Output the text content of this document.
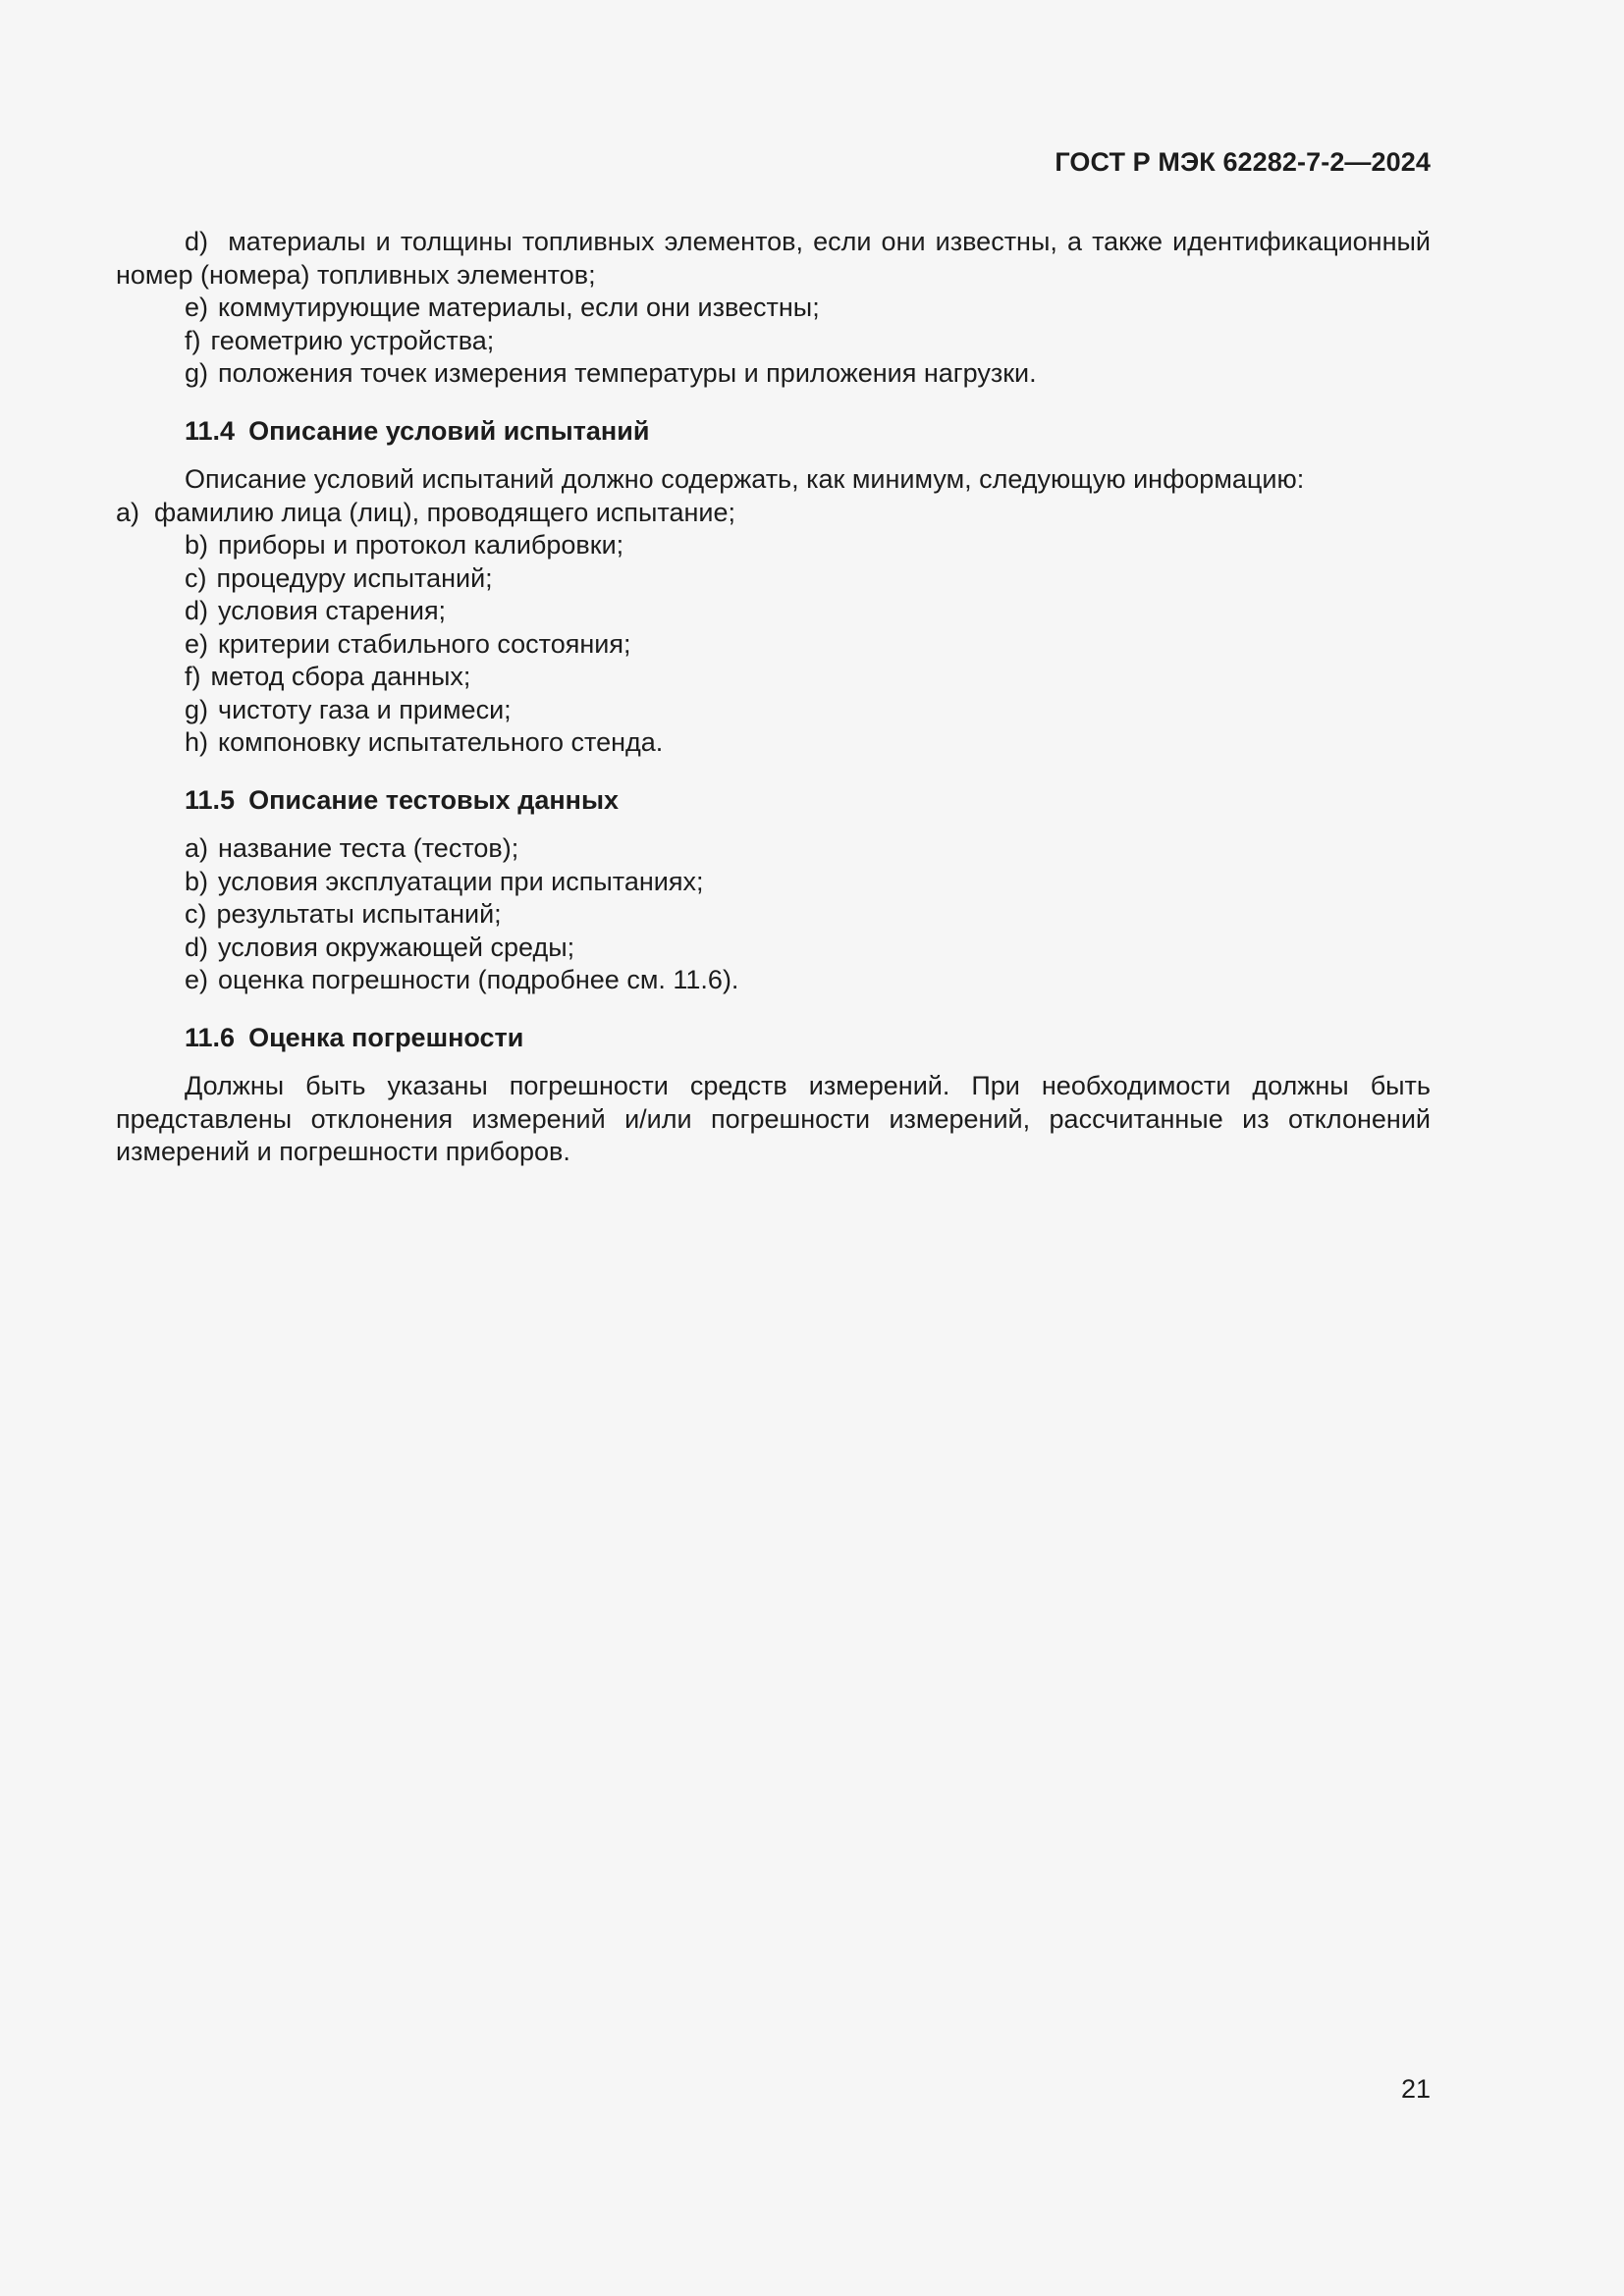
ГОСТ Р МЭК 62282-7-2—2024

d) материалы и толщины топливных элементов, если они известны, а также идентификационный номер (номера) топливных элементов;

e) коммутирующие материалы, если они известны;

f) геометрию устройства;

g) положения точек измерения температуры и приложения нагрузки.

11.4 Описание условий испытаний

Описание условий испытаний должно содержать, как минимум, следующую информацию:

a) фамилию лица (лиц), проводящего испытание;

b) приборы и протокол калибровки;

c) процедуру испытаний;

d) условия старения;

e) критерии стабильного состояния;

f) метод сбора данных;

g) чистоту газа и примеси;

h) компоновку испытательного стенда.

11.5 Описание тестовых данных

a) название теста (тестов);

b) условия эксплуатации при испытаниях;

c) результаты испытаний;

d) условия окружающей среды;

e) оценка погрешности (подробнее см. 11.6).

11.6 Оценка погрешности

Должны быть указаны погрешности средств измерений. При необходимости должны быть представлены отклонения измерений и/или погрешности измерений, рассчитанные из отклонений измерений и погрешности приборов.

21
